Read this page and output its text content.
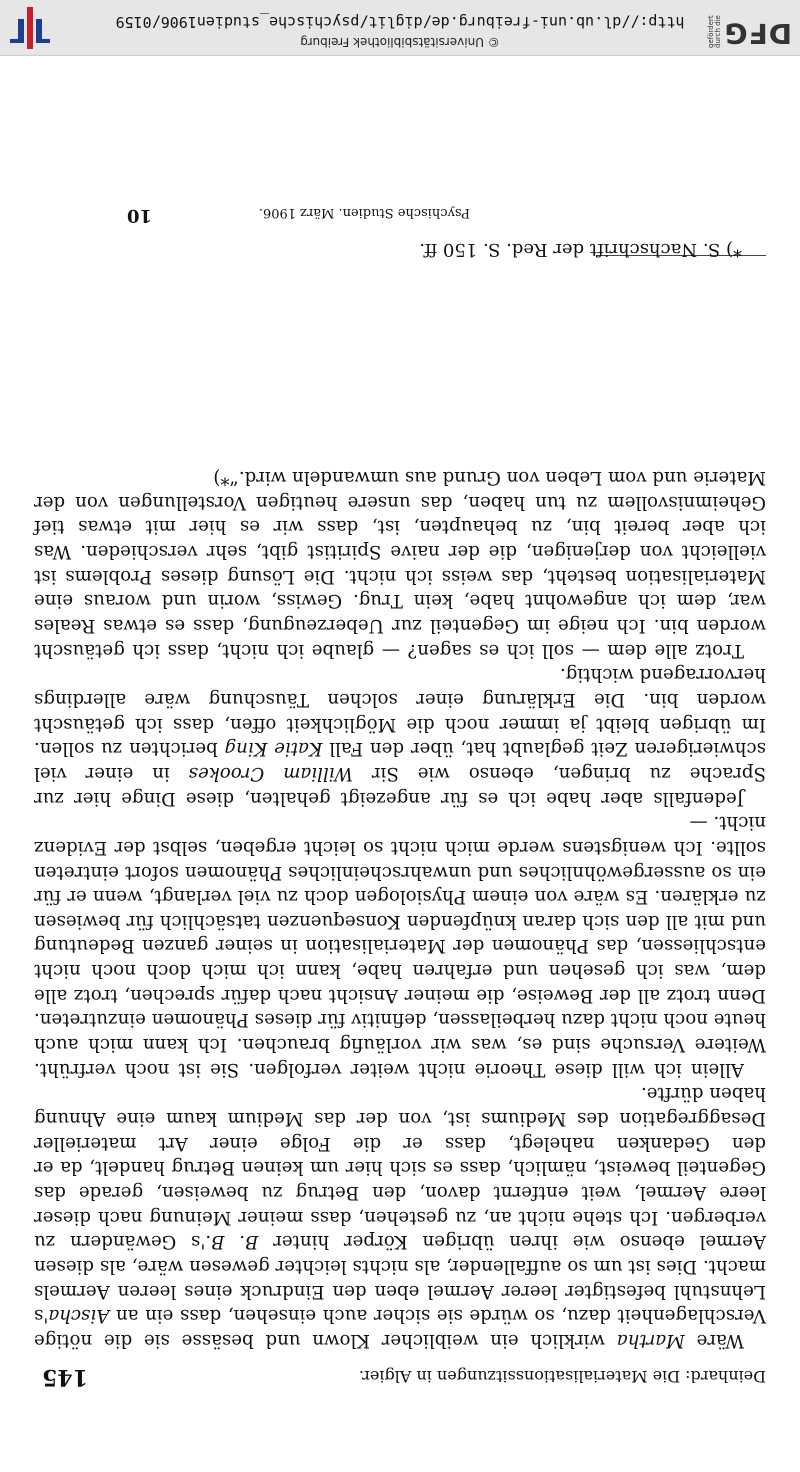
Deinhard: Die Materialisationssitzungen in Algier.
145

Wäre Martha wirklich ein weiblicher Klown und besässe sie die nötige Verschlagenheit dazu, so würde sie sicher auch einsehen, dass ein an Aischa's Lehnstuhl befestigter leerer Aermel eben den Eindruck eines leeren Aermels macht. Dies ist um so auffallender, als nichts leichter gewesen wäre, als diesen Aermel ebenso wie ihren übrigen Körper hinter B. B.'s Gewändern zu verbergen. Ich stehe nicht an, zu gestehen, dass meiner Meinung nach dieser leere Aermel, weit entfernt davon, den Betrug zu beweisen, gerade das Gegenteil beweist, nämlich, dass es sich hier um keinen Betrug handelt, da er den Gedanken nahelegt, dass er die Folge einer Art materieller Desaggregation des Mediums ist, von der das Medium kaum eine Ahnung haben dürfte.

Allein ich will diese Theorie nicht weiter verfolgen. Sie ist noch verfrüht. Weitere Versuche sind es, was wir vorläufig brauchen. Ich kann mich auch heute noch nicht dazu herbeilassen, definitiv für dieses Phänomen einzutreten. Denn trotz all der Beweise, die meiner Ansicht nach dafür sprechen, trotz alle dem, was ich gesehen und erfahren habe, kann ich mich doch noch nicht entschliessen, das Phänomen der Materialisation in seiner ganzen Bedeutung und mit all den sich daran knüpfenden Konsequenzen tatsächlich für bewiesen zu erklären. Es wäre von einem Physiologen doch zu viel verlangt, wenn er für ein so aussergewöhnliches und unwahrscheinliches Phänomen sofort eintreten sollte. Ich wenigstens werde mich nicht so leicht ergeben, selbst der Evidenz nicht. —

Jedenfalls aber habe ich es für angezeigt gehalten, diese Dinge hier zur Sprache zu bringen, ebenso wie Sir William Crookes in einer viel schwierigeren Zeit geglaubt hat, über den Fall Katie King berichten zu sollen. Im übrigen bleibt ja immer noch die Möglichkeit offen, dass ich getäuscht worden bin. Die Erklärung einer solchen Täuschung wäre allerdings hervorragend wichtig.

Trotz alle dem — soll ich es sagen? — glaube ich nicht, dass ich getäuscht worden bin. Ich neige im Gegenteil zur Ueberzeugung, dass es etwas Reales war, dem ich angewohnt habe, kein Trug. Gewiss, worin und woraus eine Materialisation besteht, das weiss ich nicht. Die Lösung dieses Problems ist vielleicht von derjenigen, die der naive Spiritist gibt, sehr verschieden. Was ich aber bereit bin, zu behaupten, ist, dass wir es hier mit etwas tief Geheimnisvollem zu tun haben, das unsere heutigen Vorstellungen von der Materie und vom Leben von Grund aus umwandeln wird.“*)

*) S. Nachschrift der Red. S. 150 ff.
Psychische Studien. März 1906.
10
© Universitätsbibliothek Freiburg
http://dl.ub.uni-freiburg.de/diglit/psychische_studien1906/0159	DFG
gefördert durch die
